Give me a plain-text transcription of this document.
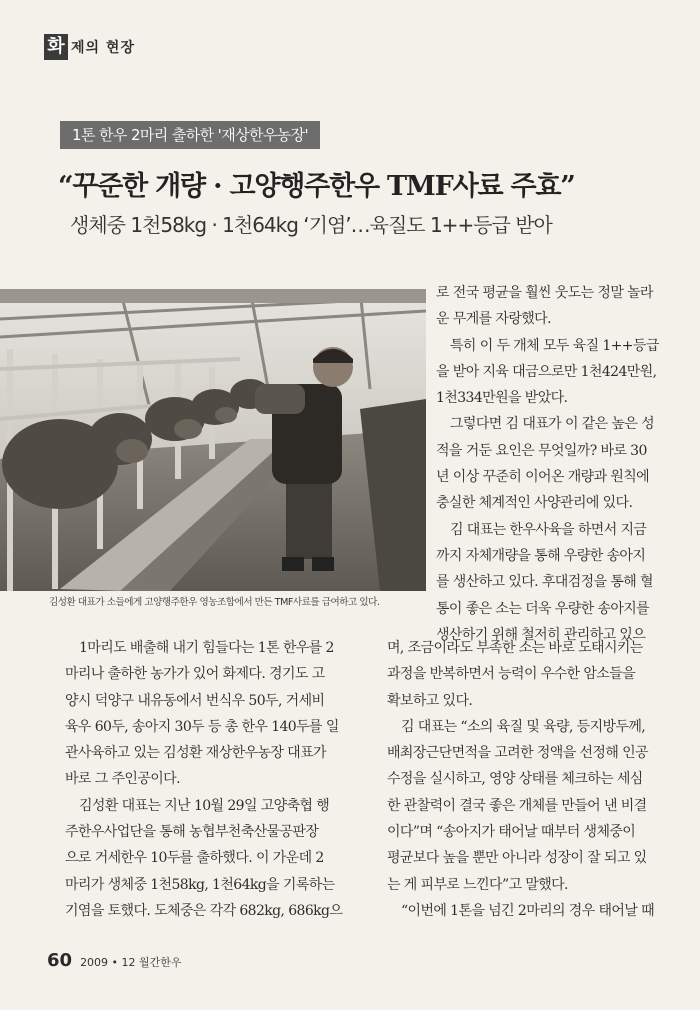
화 제의 현장
1톤 한우 2마리 출하한 '재상한우농장'
“꾸준한 개량 · 고양행주한우 TMF사료 주효”
생체중 1천58kg · 1천64kg ‘기염’…육질도 1++등급 받아
김성환 대표가 소들에게 고양행주한우 영농조합에서 만든 TMF사료를 급여하고 있다.

로 전국 평균을 훨씬 웃도는 정말 놀라

운 무게를 자랑했다.

특히 이 두 개체 모두 육질 1++등급

을 받아 지육 대금으로만 1천424만원,

1천334만원을 받았다.

그렇다면 김 대표가 이 같은 높은 성

적을 거둔 요인은 무엇일까? 바로 30

년 이상 꾸준히 이어온 개량과 원칙에

충실한 체계적인 사양관리에 있다.

김 대표는 한우사육을 하면서 지금

까지 자체개량을 통해 우량한 송아지

를 생산하고 있다. 후대검정을 통해 혈

통이 좋은 소는 더욱 우량한 송아지를

생산하기 위해 철저히 관리하고 있으

1마리도 배출해 내기 힘들다는 1톤 한우를 2

마리나 출하한 농가가 있어 화제다. 경기도 고

양시 덕양구 내유동에서 번식우 50두, 거세비

육우 60두, 송아지 30두 등 총 한우 140두를 일

관사육하고 있는 김성환 재상한우농장 대표가

바로 그 주인공이다.

김성환 대표는 지난 10월 29일 고양축협 행

주한우사업단을 통해 농협부천축산물공판장

으로 거세한우 10두를 출하했다. 이 가운데 2

마리가 생체중 1천58kg, 1천64kg을 기록하는

기염을 토했다. 도체중은 각각 682kg, 686kg으

며, 조금이라도 부족한 소는 바로 도태시키는

과정을 반복하면서 능력이 우수한 암소들을

확보하고 있다.

김 대표는 “소의 육질 및 육량, 등지방두께,

배최장근단면적을 고려한 정액을 선정해 인공

수정을 실시하고, 영양 상태를 체크하는 세심

한 관찰력이 결국 좋은 개체를 만들어 낸 비결

이다”며 “송아지가 태어날 때부터 생체중이

평균보다 높을 뿐만 아니라 성장이 잘 되고 있

는 게 피부로 느낀다”고 말했다.

“이번에 1톤을 넘긴 2마리의 경우 태어날 때

60 2009 • 12 월간한우
